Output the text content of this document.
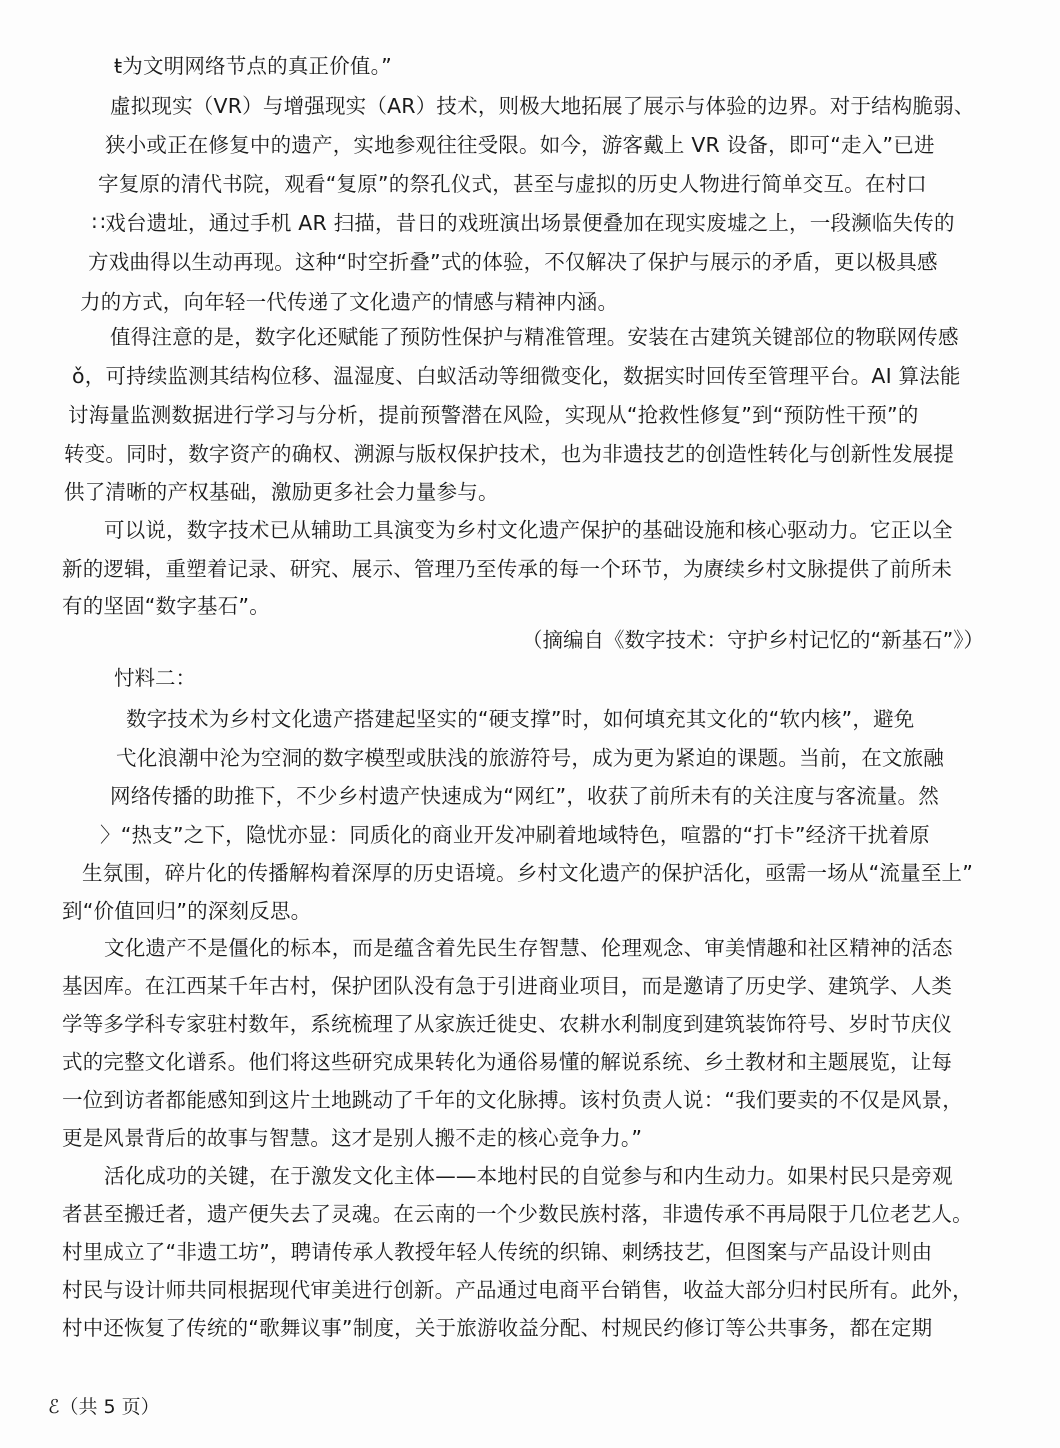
ŧ为文明网络节点的真正价值。”
虛拟现实（VR）与增强现实（AR）技术，则极大地拓展了展示与体验的边界。对于结构脆弱、
狭小或正在修复中的遗产，实地参观往往受限。如今，游客戴上 VR 设备，即可“走入”已进
字复原的清代书院，观看“复原”的祭孔仪式，甚至与虚拟的历史人物进行简单交互。在村口
∷戏台遗址，通过手机 AR 扫描，昔日的戏班演出场景便叠加在现实废墟之上，一段濒临失传的
方戏曲得以生动再现。这种“时空折叠”式的体验，不仅解决了保护与展示的矛盾，更以极具感
力的方式，向年轻一代传递了文化遗产的情感与精神内涵。
值得注意的是，数字化还赋能了预防性保护与精准管理。安装在古建筑关键部位的物联网传感
ǒ，可持续监测其结构位移、温湿度、白蚁活动等细微变化，数据实时回传至管理平台。AI 算法能
讨海量监测数据进行学习与分析，提前预警潜在风险，实现从“抢救性修复”到“预防性干预”的
转变。同时，数字资产的确权、溯源与版权保护技术，也为非遗技艺的创造性转化与创新性发展提
供了清晰的产权基础，激励更多社会力量参与。
可以说，数字技术已从辅助工具演变为乡村文化遗产保护的基础设施和核心驱动力。它正以全
新的逻辑，重塑着记录、研究、展示、管理乃至传承的每一个环节，为赓续乡村文脉提供了前所未
有的坚固“数字基石”。
（摘编自《数字技术：守护乡村记忆的“新基石”》）
忖料二：
数字技术为乡村文化遗产搭建起坚实的“硬支撑”时，如何填充其文化的“软内核”，避免
弋化浪潮中沦为空洞的数字模型或肤浅的旅游符号，成为更为紧迫的课题。当前，在文旅融
网络传播的助推下，不少乡村遗产快速成为“网红”，收获了前所未有的关注度与客流量。然
〉“热支”之下，隐忧亦显：同质化的商业开发冲刷着地域特色，喧嚣的“打卡”经济干扰着原
生氛围，碎片化的传播解构着深厚的历史语境。乡村文化遗产的保护活化，亟需一场从“流量至上”
到“价值回归”的深刻反思。
文化遗产不是僵化的标本，而是蕴含着先民生存智慧、伦理观念、审美情趣和社区精神的活态
基因库。在江西某千年古村，保护团队没有急于引进商业项目，而是邀请了历史学、建筑学、人类
学等多学科专家驻村数年，系统梳理了从家族迁徙史、农耕水利制度到建筑装饰符号、岁时节庆仪
式的完整文化谱系。他们将这些研究成果转化为通俗易懂的解说系统、乡土教材和主题展览，让每
一位到访者都能感知到这片土地跳动了千年的文化脉搏。该村负责人说：“我们要卖的不仅是风景，
更是风景背后的故事与智慧。这才是别人搬不走的核心竞争力。”
活化成功的关键，在于激发文化主体——本地村民的自觉参与和内生动力。如果村民只是旁观
者甚至搬迁者，遗产便失去了灵魂。在云南的一个少数民族村落，非遗传承不再局限于几位老艺人。
村里成立了“非遗工坊”，聘请传承人教授年轻人传统的织锦、刺绣技艺，但图案与产品设计则由
村民与设计师共同根据现代审美进行创新。产品通过电商平台销售，收益大部分归村民所有。此外，
村中还恢复了传统的“歌舞议事”制度，关于旅游收益分配、村规民约修订等公共事务，都在定期
ℰ（共 5 页）
